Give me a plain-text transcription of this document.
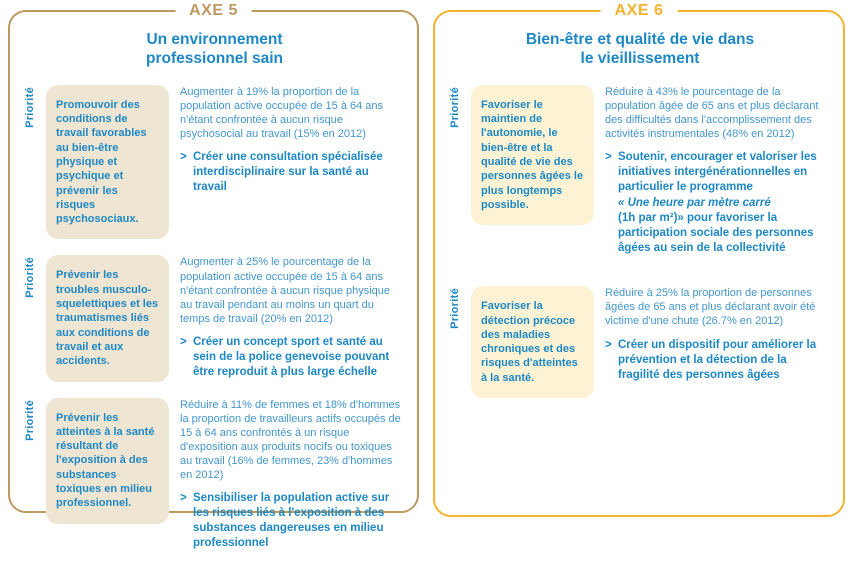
AXE 5
Un environnement professionnel sain
Priorité	Promouvoir des conditions de travail favorables au bien-être physique et psychique et prévenir les risques psychosociaux.

Augmenter à 19% la proportion de la population active occupée de 15 à 64 ans n'étant confrontée à aucun risque psychosocial au travail (15% en 2012)

> Créer une consultation spécialisée interdisciplinaire sur la santé au travail
Priorité	Prévenir les troubles musculo-squelettiques et les traumatismes liés aux conditions de travail et aux accidents.

Augmenter à 25% le pourcentage de la population active occupée de 15 à 64 ans n'étant confrontée à aucun risque physique au travail pendant au moins un quart du temps de travail (20% en 2012)

> Créer un concept sport et santé au sein de la police genevoise pouvant être reproduit à plus large échelle
Priorité	Prévenir les atteintes à la santé résultant de l'exposition à des substances toxiques en milieu professionnel.

Réduire à 11% de femmes et 18% d'hommes la proportion de travailleurs actifs occupés de 15 à 64 ans confrontés à un risque d'exposition aux produits nocifs ou toxiques au travail (16% de femmes, 23% d'hommes en 2012)

> Sensibiliser la population active sur les risques liés à l'exposition à des substances dangereuses en milieu professionnel
AXE 6
Bien-être et qualité de vie dans le vieillissement
Priorité	Favoriser le maintien de l'autonomie, le bien-être et la qualité de vie des personnes âgées le plus longtemps possible.

Réduire à 43% le pourcentage de la population âgée de 65 ans et plus déclarant des difficultés dans l'accomplissement des activités instrumentales (48% en 2012)

> Soutenir, encourager et valoriser les initiatives intergénérationnelles en particulier le programme
« Une heure par mètre carré
(1h par m²)» pour favoriser la participation sociale des personnes âgées au sein de la collectivité
Priorité	Favoriser la détection précoce des maladies chroniques et des risques d'atteintes à la santé.

Réduire à 25% la proportion de personnes âgées de 65 ans et plus déclarant avoir été victime d'une chute (26.7% en 2012)

> Créer un dispositif pour améliorer la prévention et la détection de la fragilité des personnes âgées
